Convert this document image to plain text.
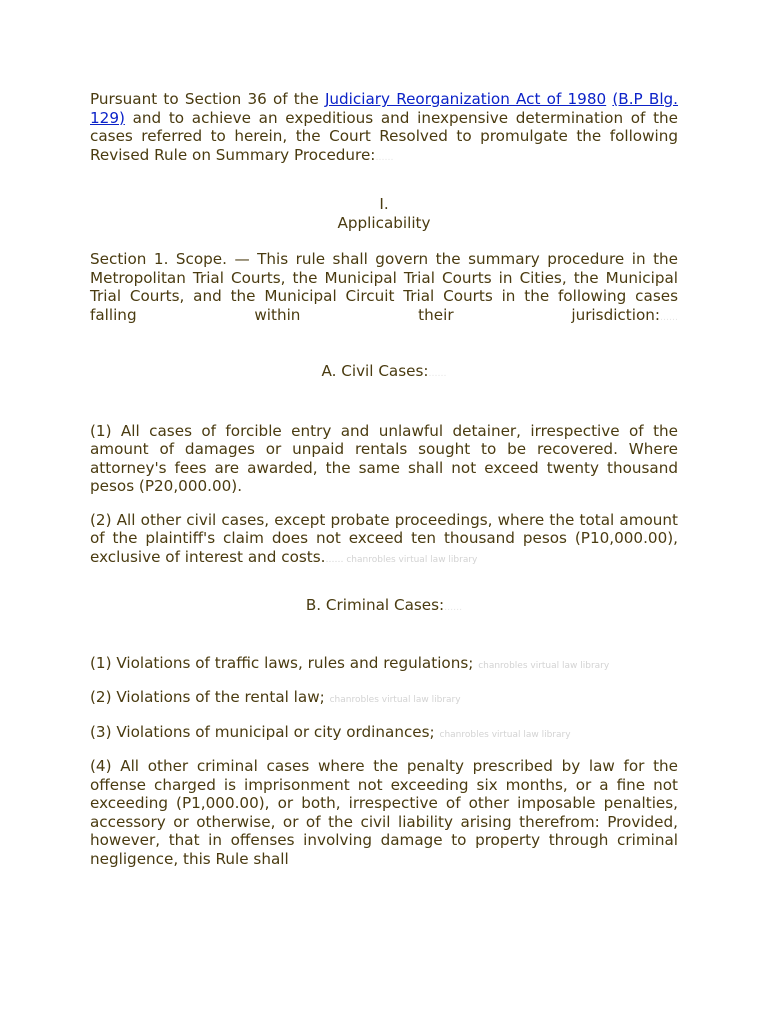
Pursuant to Section 36 of the Judiciary Reorganization Act of 1980 (B.P Blg. 129) and to achieve an expeditious and inexpensive determination of the cases referred to herein, the Court Resolved to promulgate the following Revised Rule on Summary Procedure:……

I.

Applicability

Section 1. Scope. — This rule shall govern the summary procedure in the Metropolitan Trial Courts, the Municipal Trial Courts in Cities, the Municipal Trial Courts, and the Municipal Circuit Trial Courts in the following cases falling within their jurisdiction:……

A. Civil Cases:……

(1) All cases of forcible entry and unlawful detainer, irrespective of the amount of damages or unpaid rentals sought to be recovered. Where attorney's fees are awarded, the same shall not exceed twenty thousand pesos (P20,000.00).

(2) All other civil cases, except probate proceedings, where the total amount of the plaintiff's claim does not exceed ten thousand pesos (P10,000.00), exclusive of interest and costs.…… chanrobles virtual law library

B. Criminal Cases:……

(1) Violations of traffic laws, rules and regulations; chanrobles virtual law library

(2) Violations of the rental law; chanrobles virtual law library

(3) Violations of municipal or city ordinances; chanrobles virtual law library

(4) All other criminal cases where the penalty prescribed by law for the offense charged is imprisonment not exceeding six months, or a fine not exceeding (P1,000.00), or both, irrespective of other imposable penalties, accessory or otherwise, or of the civil liability arising therefrom: Provided, however, that in offenses involving damage to property through criminal negligence, this Rule shall
